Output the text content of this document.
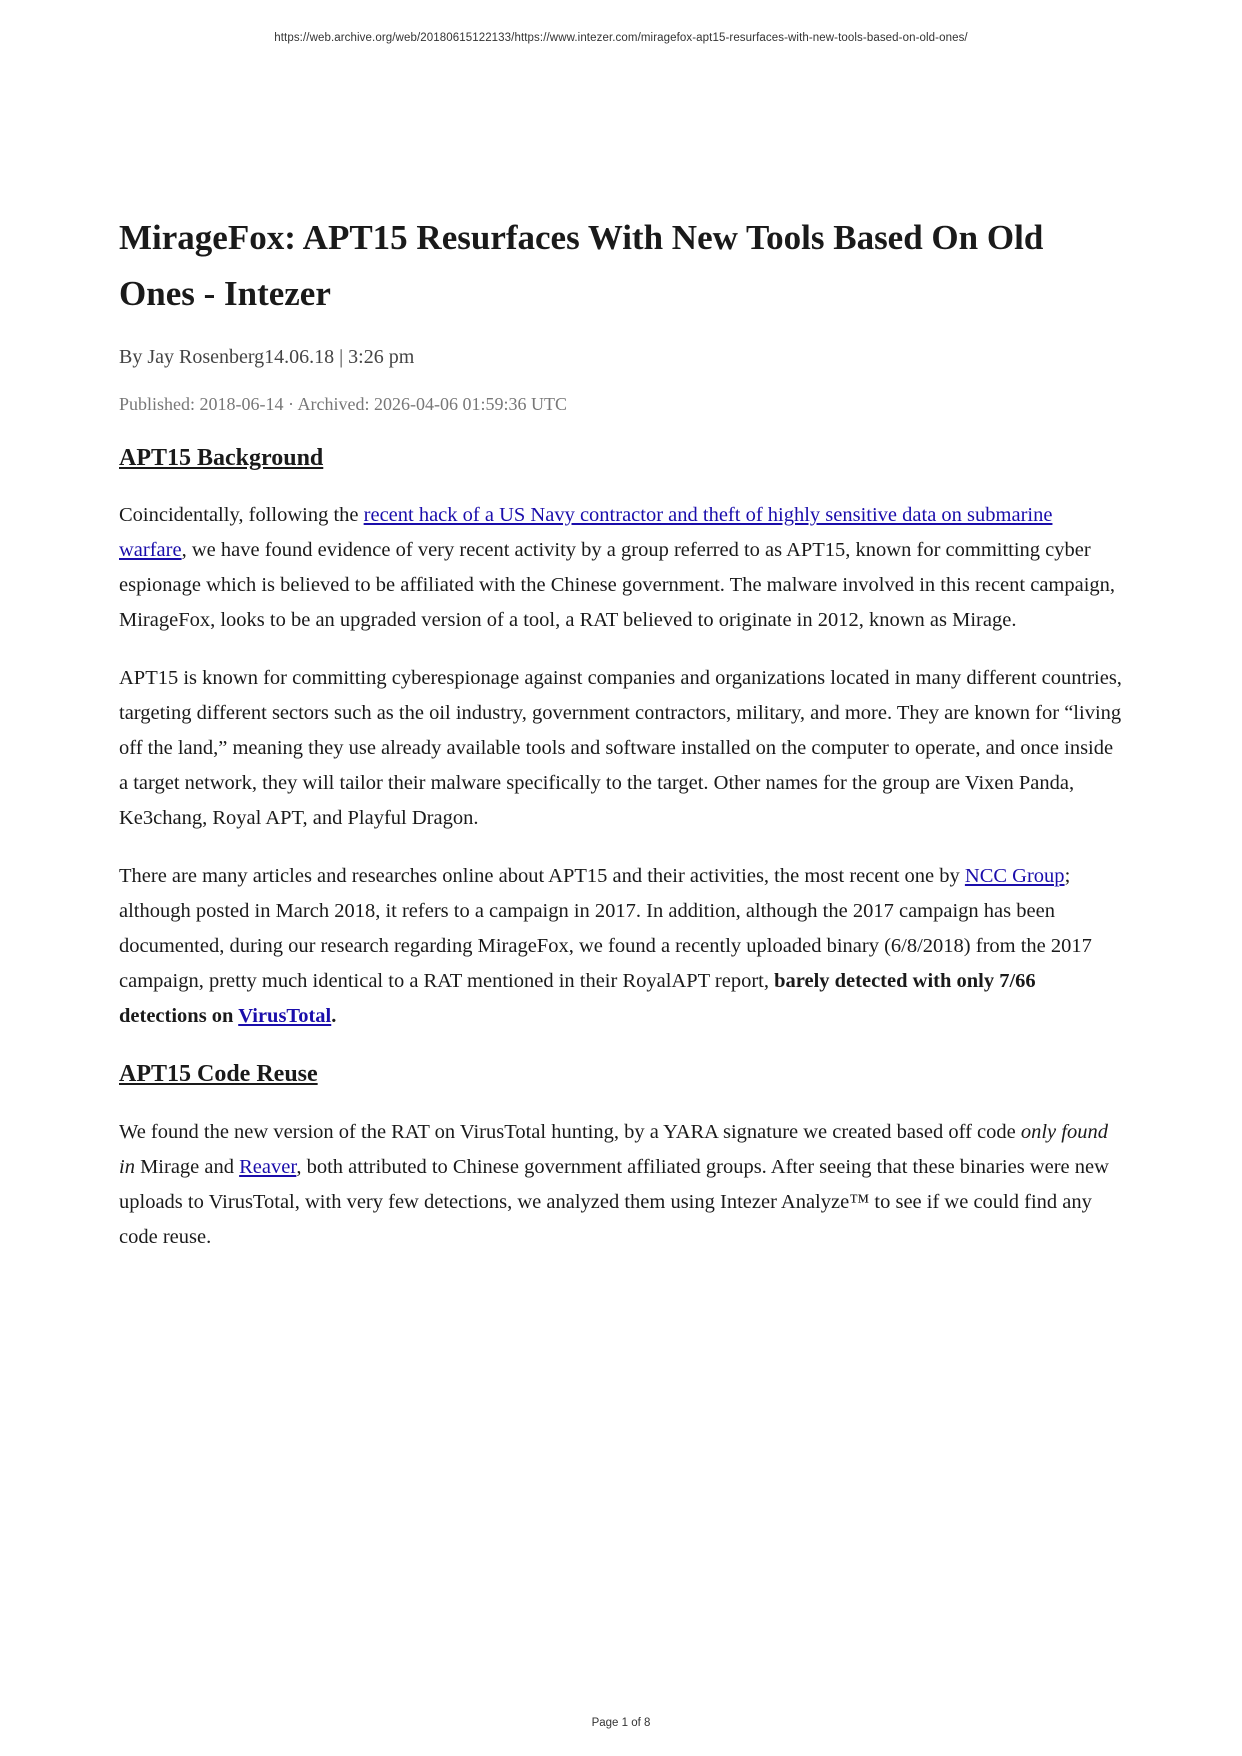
https://web.archive.org/web/20180615122133/https://www.intezer.com/miragefox-apt15-resurfaces-with-new-tools-based-on-old-ones/
MirageFox: APT15 Resurfaces With New Tools Based On Old Ones - Intezer
By Jay Rosenberg14.06.18 | 3:26 pm
Published: 2018-06-14 · Archived: 2026-04-06 01:59:36 UTC
APT15 Background

Coincidentally, following the recent hack of a US Navy contractor and theft of highly sensitive data on submarine warfare, we have found evidence of very recent activity by a group referred to as APT15, known for committing cyber espionage which is believed to be affiliated with the Chinese government. The malware involved in this recent campaign, MirageFox, looks to be an upgraded version of a tool, a RAT believed to originate in 2012, known as Mirage.

APT15 is known for committing cyberespionage against companies and organizations located in many different countries, targeting different sectors such as the oil industry, government contractors, military, and more. They are known for “living off the land,” meaning they use already available tools and software installed on the computer to operate, and once inside a target network, they will tailor their malware specifically to the target. Other names for the group are Vixen Panda, Ke3chang, Royal APT, and Playful Dragon.

There are many articles and researches online about APT15 and their activities, the most recent one by NCC Group; although posted in March 2018, it refers to a campaign in 2017. In addition, although the 2017 campaign has been documented, during our research regarding MirageFox, we found a recently uploaded binary (6/8/2018) from the 2017 campaign, pretty much identical to a RAT mentioned in their RoyalAPT report, barely detected with only 7/66 detections on VirusTotal.

APT15 Code Reuse

We found the new version of the RAT on VirusTotal hunting, by a YARA signature we created based off code only found in Mirage and Reaver, both attributed to Chinese government affiliated groups. After seeing that these binaries were new uploads to VirusTotal, with very few detections, we analyzed them using Intezer Analyze™ to see if we could find any code reuse.

Page 1 of 8
